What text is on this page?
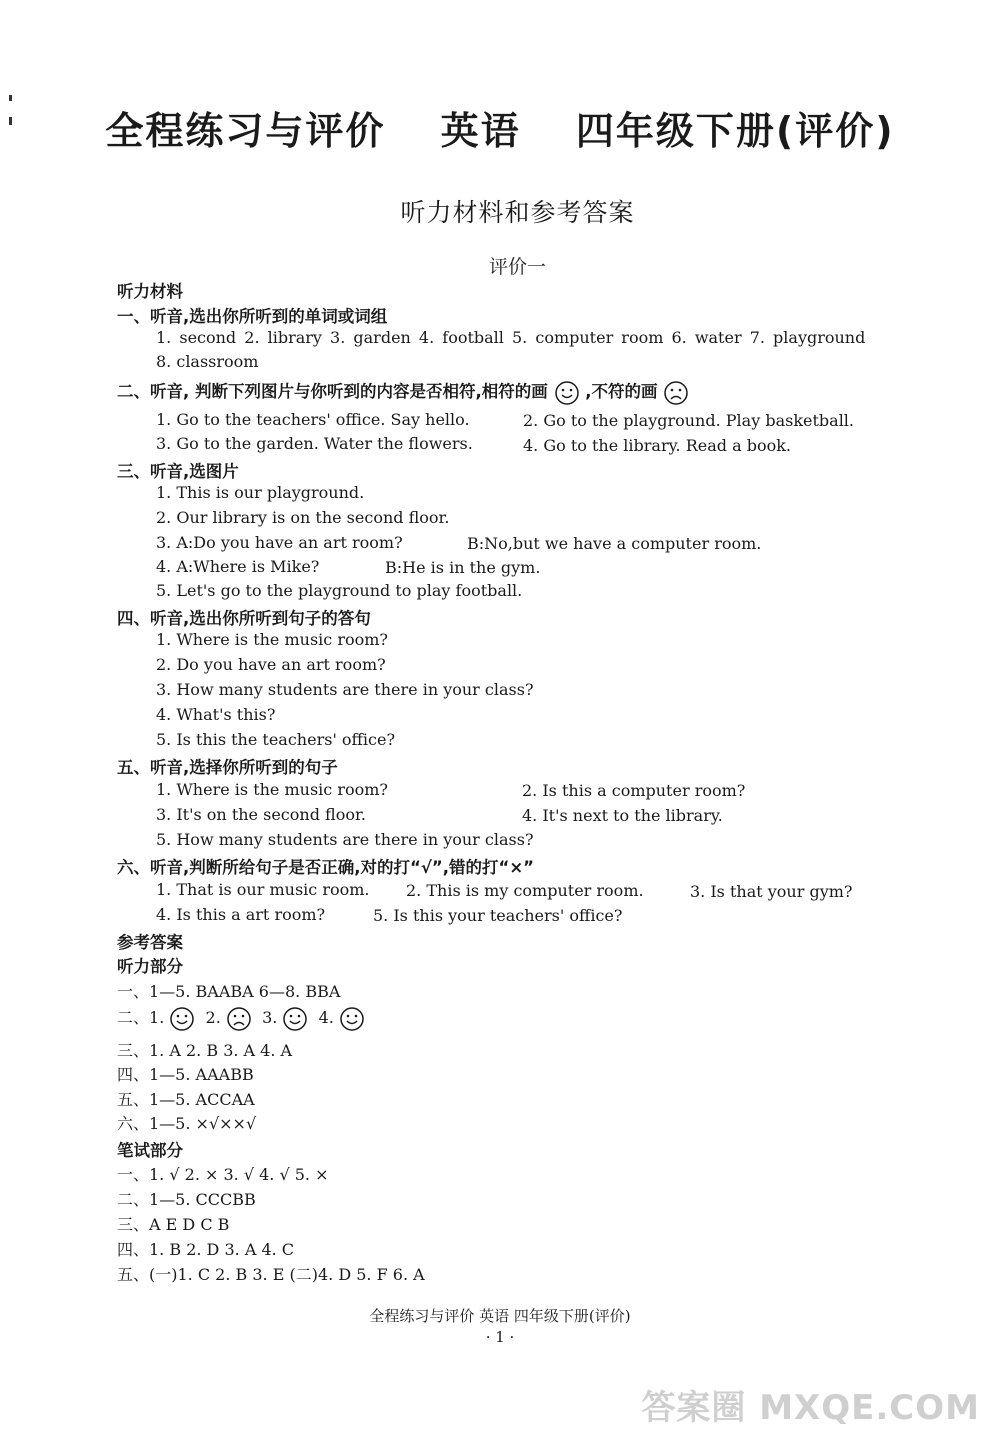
全程练习与评价 英语 四年级下册(评价)
听力材料和参考答案
评价一
听力材料
一、听音,选出你所听到的单词或词组
1. second 2. library 3. garden 4. football 5. computer room 6. water 7. playground
8. classroom
二、听音, 判断下列图片与你听到的内容是否相符,相符的画 ,不符的画
1. Go to the teachers' office. Say hello.	2. Go to the playground. Play basketball.
3. Go to the garden. Water the flowers.	4. Go to the library. Read a book.
三、听音,选图片
1. This is our playground.
2. Our library is on the second floor.
3. A:Do you have an art room?	B:No,but we have a computer room.
4. A:Where is Mike?	B:He is in the gym.
5. Let's go to the playground to play football.
四、听音,选出你所听到句子的答句
1. Where is the music room?
2. Do you have an art room?
3. How many students are there in your class?
4. What's this?
5. Is this the teachers' office?
五、听音,选择你所听到的句子
1. Where is the music room?	2. Is this a computer room?
3. It's on the second floor.	4. It's next to the library.
5. How many students are there in your class?
六、听音,判断所给句子是否正确,对的打“√”,错的打“×”
1. That is our music room. 2. This is my computer room.	3. Is that your gym?
4. Is this a art room?	5. Is this your teachers' office?
参考答案
听力部分
一、1—5. BAABA 6—8. BBA
二、1.	2.	3.	4.
三、1. A 2. B 3. A 4. A
四、1—5. AAABB
五、1—5. ACCAA
六、1—5. ×√××√
笔试部分
一、1. √ 2. × 3. √ 4. √ 5. ×
二、1—5. CCCBB
三、A E D C B
四、1. B 2. D 3. A 4. C
五、(一)1. C 2. B 3. E (二)4. D 5. F 6. A
全程练习与评价 英语 四年级下册(评价)
· 1 ·
答案圈 MXQE.COM
